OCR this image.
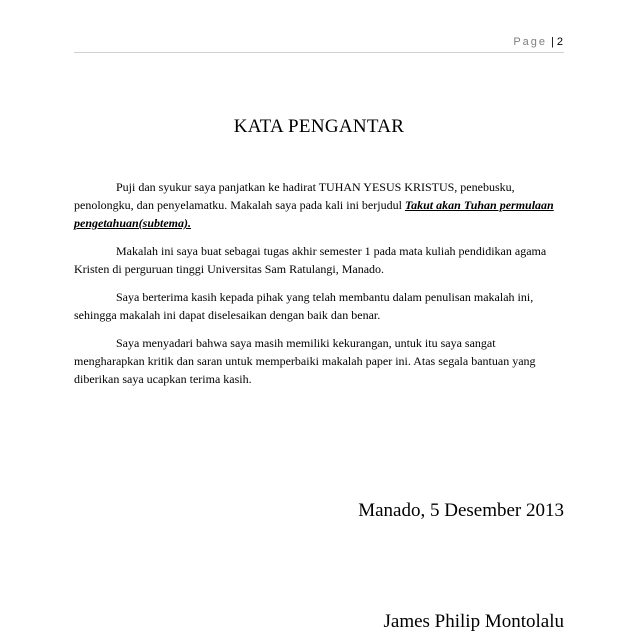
Page | 2
KATA PENGANTAR

Puji dan syukur saya panjatkan ke hadirat TUHAN YESUS KRISTUS, penebusku, penolongku, dan penyelamatku. Makalah saya pada kali ini berjudul Takut akan Tuhan permulaan pengetahuan(subtema).

Makalah ini saya buat sebagai tugas akhir semester 1 pada mata kuliah pendidikan agama Kristen di perguruan tinggi Universitas Sam Ratulangi, Manado.

Saya berterima kasih kepada pihak yang telah membantu dalam penulisan makalah ini, sehingga makalah ini dapat diselesaikan dengan baik dan benar.

Saya menyadari bahwa saya masih memiliki kekurangan, untuk itu saya sangat mengharapkan kritik dan saran untuk memperbaiki makalah paper ini. Atas segala bantuan yang diberikan saya ucapkan terima kasih.

Manado, 5 Desember 2013
James Philip Montolalu
